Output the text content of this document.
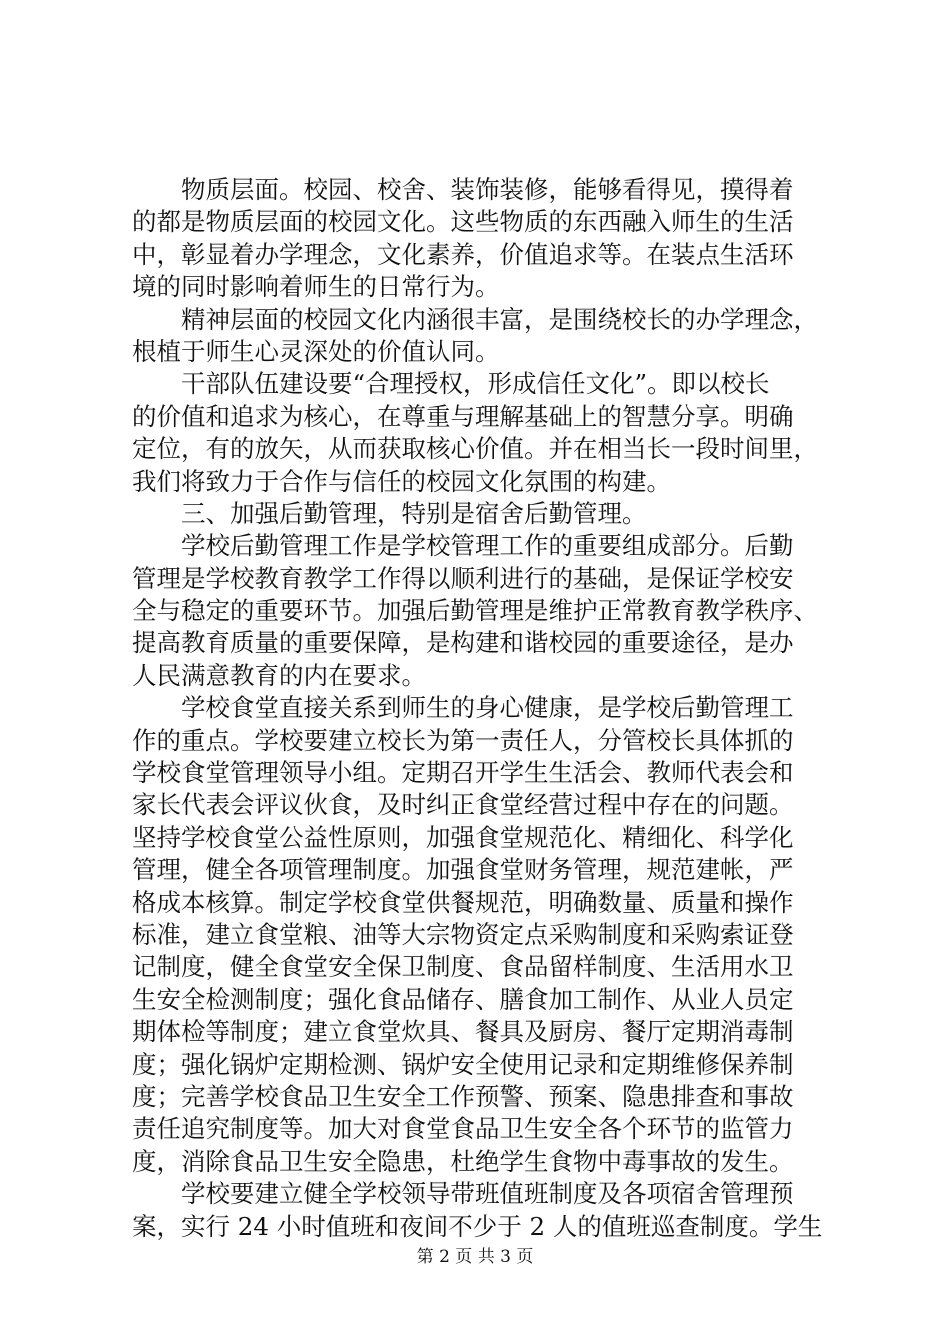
　　物质层面。校园、校舍、装饰装修，能够看得见，摸得着
的都是物质层面的校园文化。这些物质的东西融入师生的生活
中，彰显着办学理念，文化素养，价值追求等。在装点生活环
境的同时影响着师生的日常行为。
　　精神层面的校园文化内涵很丰富，是围绕校长的办学理念，
根植于师生心灵深处的价值认同。
　　干部队伍建设要“合理授权，形成信任文化”。即以校长
的价值和追求为核心，在尊重与理解基础上的智慧分享。明确
定位，有的放矢，从而获取核心价值。并在相当长一段时间里，
我们将致力于合作与信任的校园文化氛围的构建。
　　三、加强后勤管理，特别是宿舍后勤管理。
　　学校后勤管理工作是学校管理工作的重要组成部分。后勤
管理是学校教育教学工作得以顺利进行的基础，是保证学校安
全与稳定的重要环节。加强后勤管理是维护正常教育教学秩序、
提高教育质量的重要保障，是构建和谐校园的重要途径，是办
人民满意教育的内在要求。
　　学校食堂直接关系到师生的身心健康，是学校后勤管理工
作的重点。学校要建立校长为第一责任人，分管校长具体抓的
学校食堂管理领导小组。定期召开学生生活会、教师代表会和
家长代表会评议伙食，及时纠正食堂经营过程中存在的问题。
坚持学校食堂公益性原则，加强食堂规范化、精细化、科学化
管理，健全各项管理制度。加强食堂财务管理，规范建帐，严
格成本核算。制定学校食堂供餐规范，明确数量、质量和操作
标准，建立食堂粮、油等大宗物资定点采购制度和采购索证登
记制度，健全食堂安全保卫制度、食品留样制度、生活用水卫
生安全检测制度；强化食品储存、膳食加工制作、从业人员定
期体检等制度；建立食堂炊具、餐具及厨房、餐厅定期消毒制
度；强化锅炉定期检测、锅炉安全使用记录和定期维修保养制
度；完善学校食品卫生安全工作预警、预案、隐患排查和事故
责任追究制度等。加大对食堂食品卫生安全各个环节的监管力
度，消除食品卫生安全隐患，杜绝学生食物中毒事故的发生。
　　学校要建立健全学校领导带班值班制度及各项宿舍管理预
案，实行 24 小时值班和夜间不少于 2 人的值班巡查制度。学生
第 2 页 共 3 页
